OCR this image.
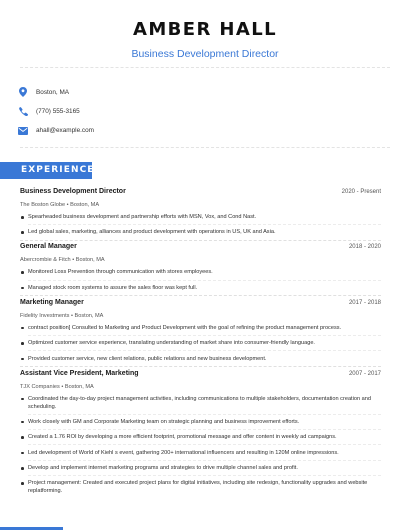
AMBER HALL
Business Development Director
Boston, MA
(770) 555-3165
ahall@example.com
EXPERIENCE
Business Development Director	2020 - Present
The Boston Globe • Boston, MA
Spearheaded business development and partnership efforts with MSN, Vox, and Cond Nast.
Led global sales, marketing, alliances and product development with operations in US, UK and Asia.
General Manager	2018 - 2020
Abercrombie & Fitch • Boston, MA
Monitored Loss Prevention through communication with stores employees.
Managed stock room systems to assure the sales floor was kept full.
Marketing Manager	2017 - 2018
Fidelity Investments • Boston, MA
contract position] Consulted to Marketing and Product Development with the goal of refining the product management process.
Optimized customer service experience, translating understanding of market share into consumer-friendly language.
Provided customer service, new client relations, public relations and new business development.
Assistant Vice President, Marketing	2007 - 2017
TJX Companies • Boston, MA
Coordinated the day-to-day project management activities, including communications to multiple stakeholders, documentation creation and scheduling.
Work closely with GM and Corporate Marketing team on strategic planning and business improvement efforts.
Created a 1.76 ROI by developing a more efficient footprint, promotional message and offer content in weekly ad campaigns.
Led development of World of Kiehl s event, gathering 200+ international influencers and resulting in 120M online impressions.
Develop and implement internet marketing programs and strategies to drive multiple channel sales and profit.
Project management: Created and executed project plans for digital initiatives, including site redesign, functionality upgrades and website replatforming.
